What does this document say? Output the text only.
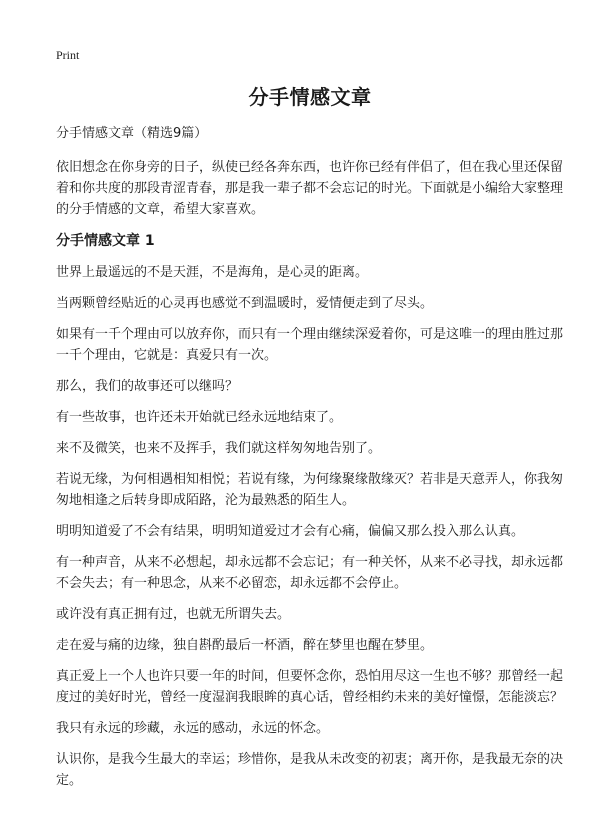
Print
分手情感文章

分手情感文章（精选9篇）

依旧想念在你身旁的日子，纵使已经各奔东西，也许你已经有伴侣了，但在我心里还保留着和你共度的那段青涩青春，那是我一辈子都不会忘记的时光。下面就是小编给大家整理的分手情感的文章，希望大家喜欢。

分手情感文章 1

世界上最遥远的不是天涯，不是海角，是心灵的距离。

当两颗曾经贴近的心灵再也感觉不到温暖时，爱情便走到了尽头。

如果有一千个理由可以放弃你，而只有一个理由继续深爱着你，可是这唯一的理由胜过那一千个理由，它就是：真爱只有一次。

那么，我们的故事还可以继吗？

有一些故事，也许还未开始就已经永远地结束了。

来不及微笑，也来不及挥手，我们就这样匆匆地告别了。

若说无缘，为何相遇相知相悦；若说有缘，为何缘聚缘散缘灭？若非是天意弄人，你我匆匆地相逢之后转身即成陌路，沦为最熟悉的陌生人。

明明知道爱了不会有结果，明明知道爱过才会有心痛，偏偏又那么投入那么认真。

有一种声音，从来不必想起，却永远都不会忘记；有一种关怀，从来不必寻找，却永远都不会失去；有一种思念，从来不必留恋，却永远都不会停止。

或许没有真正拥有过，也就无所谓失去。

走在爱与痛的边缘，独自斟酌最后一杯酒，醉在梦里也醒在梦里。

真正爱上一个人也许只要一年的时间，但要怀念你，恐怕用尽这一生也不够？那曾经一起度过的美好时光，曾经一度湿润我眼眸的真心话，曾经相约未来的美好憧憬，怎能淡忘？

我只有永远的珍藏，永远的感动，永远的怀念。

认识你，是我今生最大的幸运；珍惜你，是我从未改变的初衷；离开你，是我最无奈的决定。
